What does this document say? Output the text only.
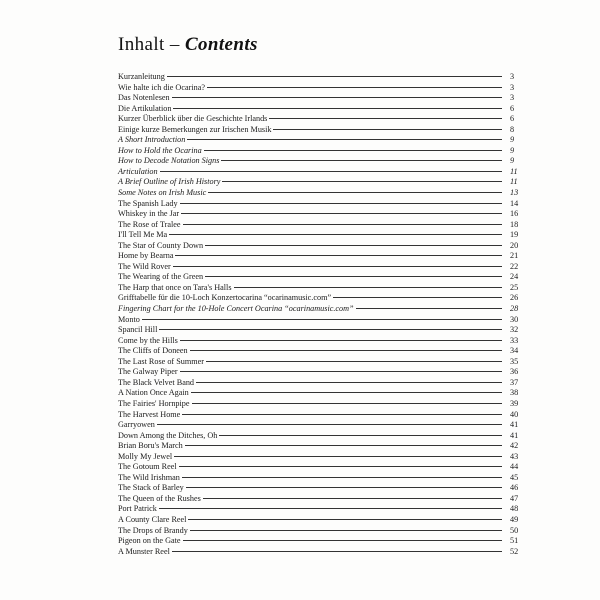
Inhalt – Contents
Kurzanleitung	3
Wie halte ich die Ocarina?	3
Das Notenlesen	3
Die Artikulation	6
Kurzer Überblick über die Geschichte Irlands	6
Einige kurze Bemerkungen zur Irischen Musik	8
A Short Introduction	9
How to Hold the Ocarina	9
How to Decode Notation Signs	9
Articulation	11
A Brief Outline of Irish History	11
Some Notes on Irish Music	13
The Spanish Lady	14
Whiskey in the Jar	16
The Rose of Tralee	18
I'll Tell Me Ma	19
The Star of County Down	20
Home by Bearna	21
The Wild Rover	22
The Wearing of the Green	24
The Harp that once on Tara's Halls	25
Grifftabelle für die 10-Loch Konzertocarina “ocarinamusic.com”	26
Fingering Chart for the 10-Hole Concert Ocarina “ocarinamusic.com”	28
Monto	30
Spancil Hill	32
Come by the Hills	33
The Cliffs of Doneen	34
The Last Rose of Summer	35
The Galway Piper	36
The Black Velvet Band	37
A Nation Once Again	38
The Fairies' Hornpipe	39
The Harvest Home	40
Garryowen	41
Down Among the Ditches, Oh	41
Brian Boru's March	42
Molly My Jewel	43
The Gotoum Reel	44
The Wild Irishman	45
The Stack of Barley	46
The Queen of the Rushes	47
Port Patrick	48
A County Clare Reel	49
The Drops of Brandy	50
Pigeon on the Gate	51
A Munster Reel	52
